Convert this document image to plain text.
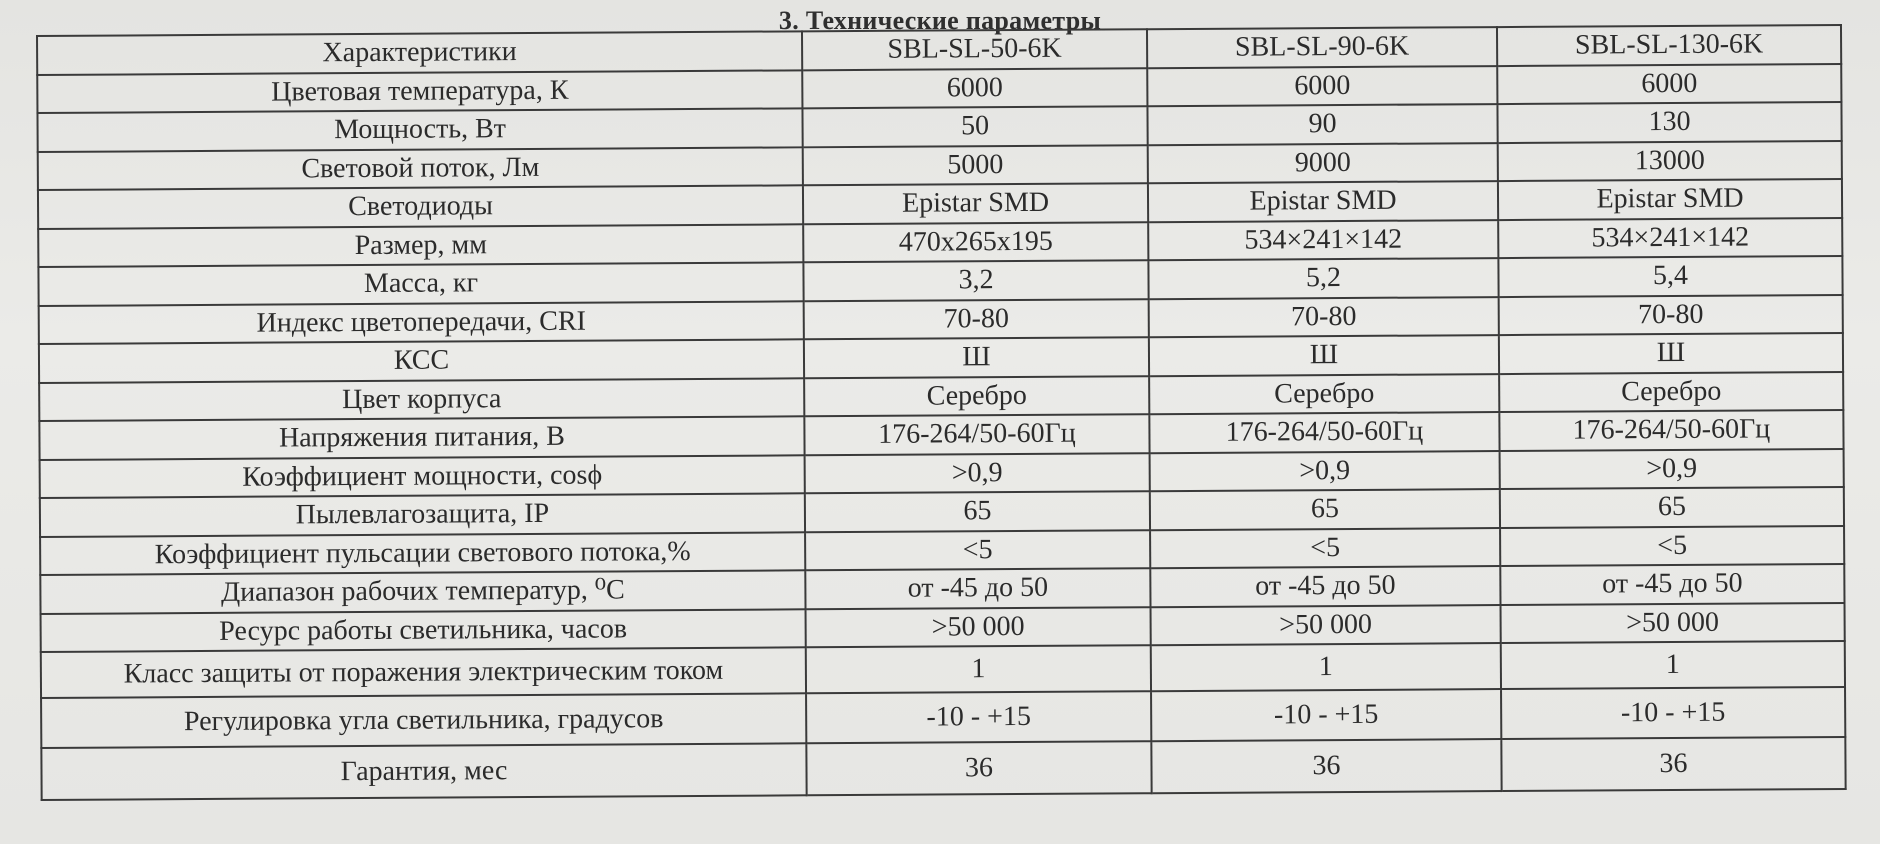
3. Технические параметры
Характеристики	SBL-SL-50-6K	SBL-SL-90-6K	SBL-SL-130-6K
Цветовая температура, К	6000	6000	6000
Мощность, Вт	50	90	130
Световой поток, Лм	5000	9000	13000
Светодиоды	Epistar SMD	Epistar SMD	Epistar SMD
Размер, мм	470х265х195	534×241×142	534×241×142
Масса, кг	3,2	5,2	5,4
Индекс цветопередачи, CRI	70-80	70-80	70-80
КСС	Ш	Ш	Ш
Цвет корпуса	Серебро	Серебро	Серебро
Напряжения питания, В	176-264/50-60Гц	176-264/50-60Гц	176-264/50-60Гц
Коэффициент мощности, cosϕ	>0,9	>0,9	>0,9
Пылевлагозащита, IP	65	65	65
Коэффициент пульсации светового потока,%	<5	<5	<5
Диапазон рабочих температур, ⁰С	от -45 до 50	от -45 до 50	от -45 до 50
Ресурс работы светильника, часов	>50 000	>50 000	>50 000
Класс защиты от поражения электрическим током	1	1	1
Регулировка угла светильника, градусов	-10 - +15	-10 - +15	-10 - +15
Гарантия, мес	36	36	36
